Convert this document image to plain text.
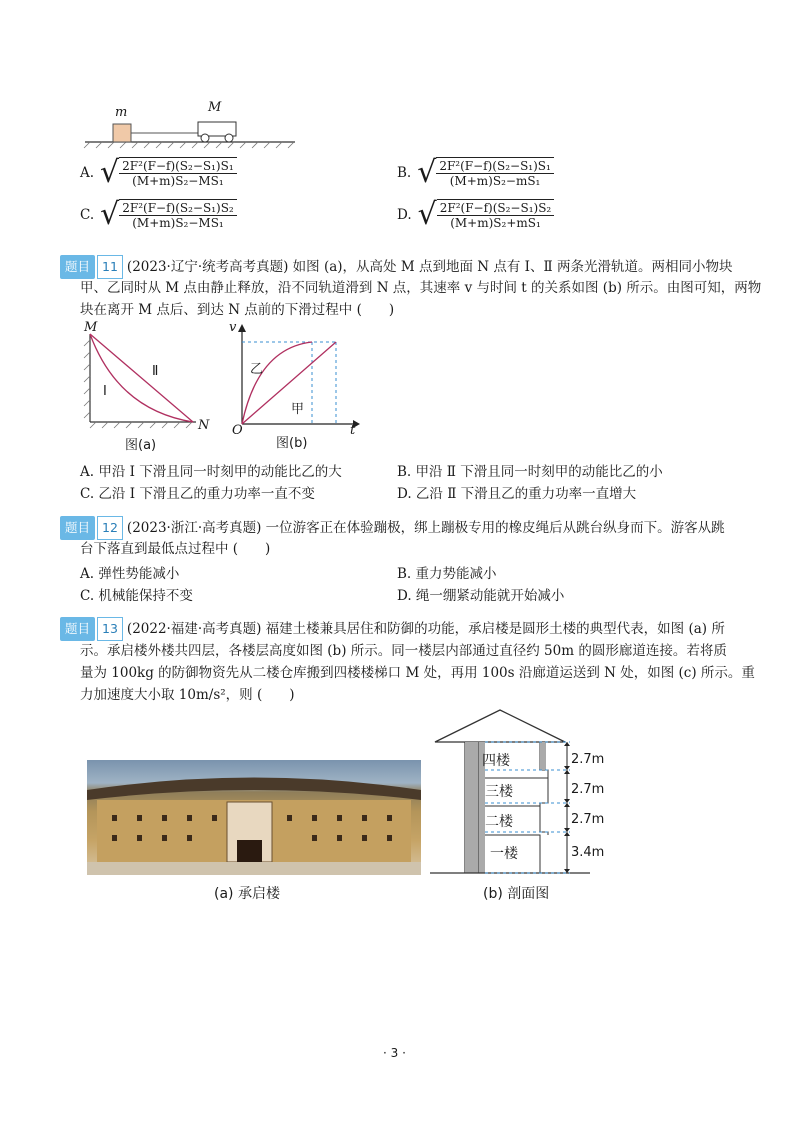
m	M
A. √ $\frac{\text{2F²(F−f)(S₂−S₁)S₁}}{\text{(M+m)S₂−MS₁}}$	B. √ $\frac{\text{2F²(F−f)(S₂−S₁)S₁}}{\text{(M+m)S₂−mS₁}}$
C. √ $\frac{\text{2F²(F−f)(S₂−S₁)S₂}}{\text{(M+m)S₂−MS₁}}$	D. √ $\frac{\text{2F²(F−f)(S₂−S₁)S₂}}{\text{(M+m)S₂+mS₁}}$
题目 11 (2023·辽宁·统考高考真题) 如图 (a)，从高处 M 点到地面 N 点有 Ⅰ、Ⅱ 两条光滑轨道。两相同小物块
甲、乙同时从 M 点由静止释放，沿不同轨道滑到 N 点，其速率 v 与时间 t 的关系如图 (b) 所示。由图可知，两物
块在离开 M 点后、到达 N 点前的下滑过程中 (　　)
M
N
Ⅰ
Ⅱ
图(a)
v
t
O
乙
甲
图(b)
A. 甲沿 Ⅰ 下滑且同一时刻甲的动能比乙的大	B. 甲沿 Ⅱ 下滑且同一时刻甲的动能比乙的小
C. 乙沿 Ⅰ 下滑且乙的重力功率一直不变	D. 乙沿 Ⅱ 下滑且乙的重力功率一直增大
题目 12 (2023·浙江·高考真题) 一位游客正在体验蹦极，绑上蹦极专用的橡皮绳后从跳台纵身而下。游客从跳
台下落直到最低点过程中 (　　)
A. 弹性势能减小	B. 重力势能减小
C. 机械能保持不变	D. 绳一绷紧动能就开始减小
题目 13 (2022·福建·高考真题) 福建土楼兼具居住和防御的功能，承启楼是圆形土楼的典型代表，如图 (a) 所
示。承启楼外楼共四层，各楼层高度如图 (b) 所示。同一楼层内部通过直径约 50m 的圆形廊道连接。若将质
量为 100kg 的防御物资先从二楼仓库搬到四楼楼梯口 M 处，再用 100s 沿廊道运送到 N 处，如图 (c) 所示。重
力加速度大小取 10m/s²，则 (　　)
(a) 承启楼
四楼
三楼
二楼
一楼
2.7m
2.7m
2.7m
3.4m
(b) 剖面图
· 3 ·
